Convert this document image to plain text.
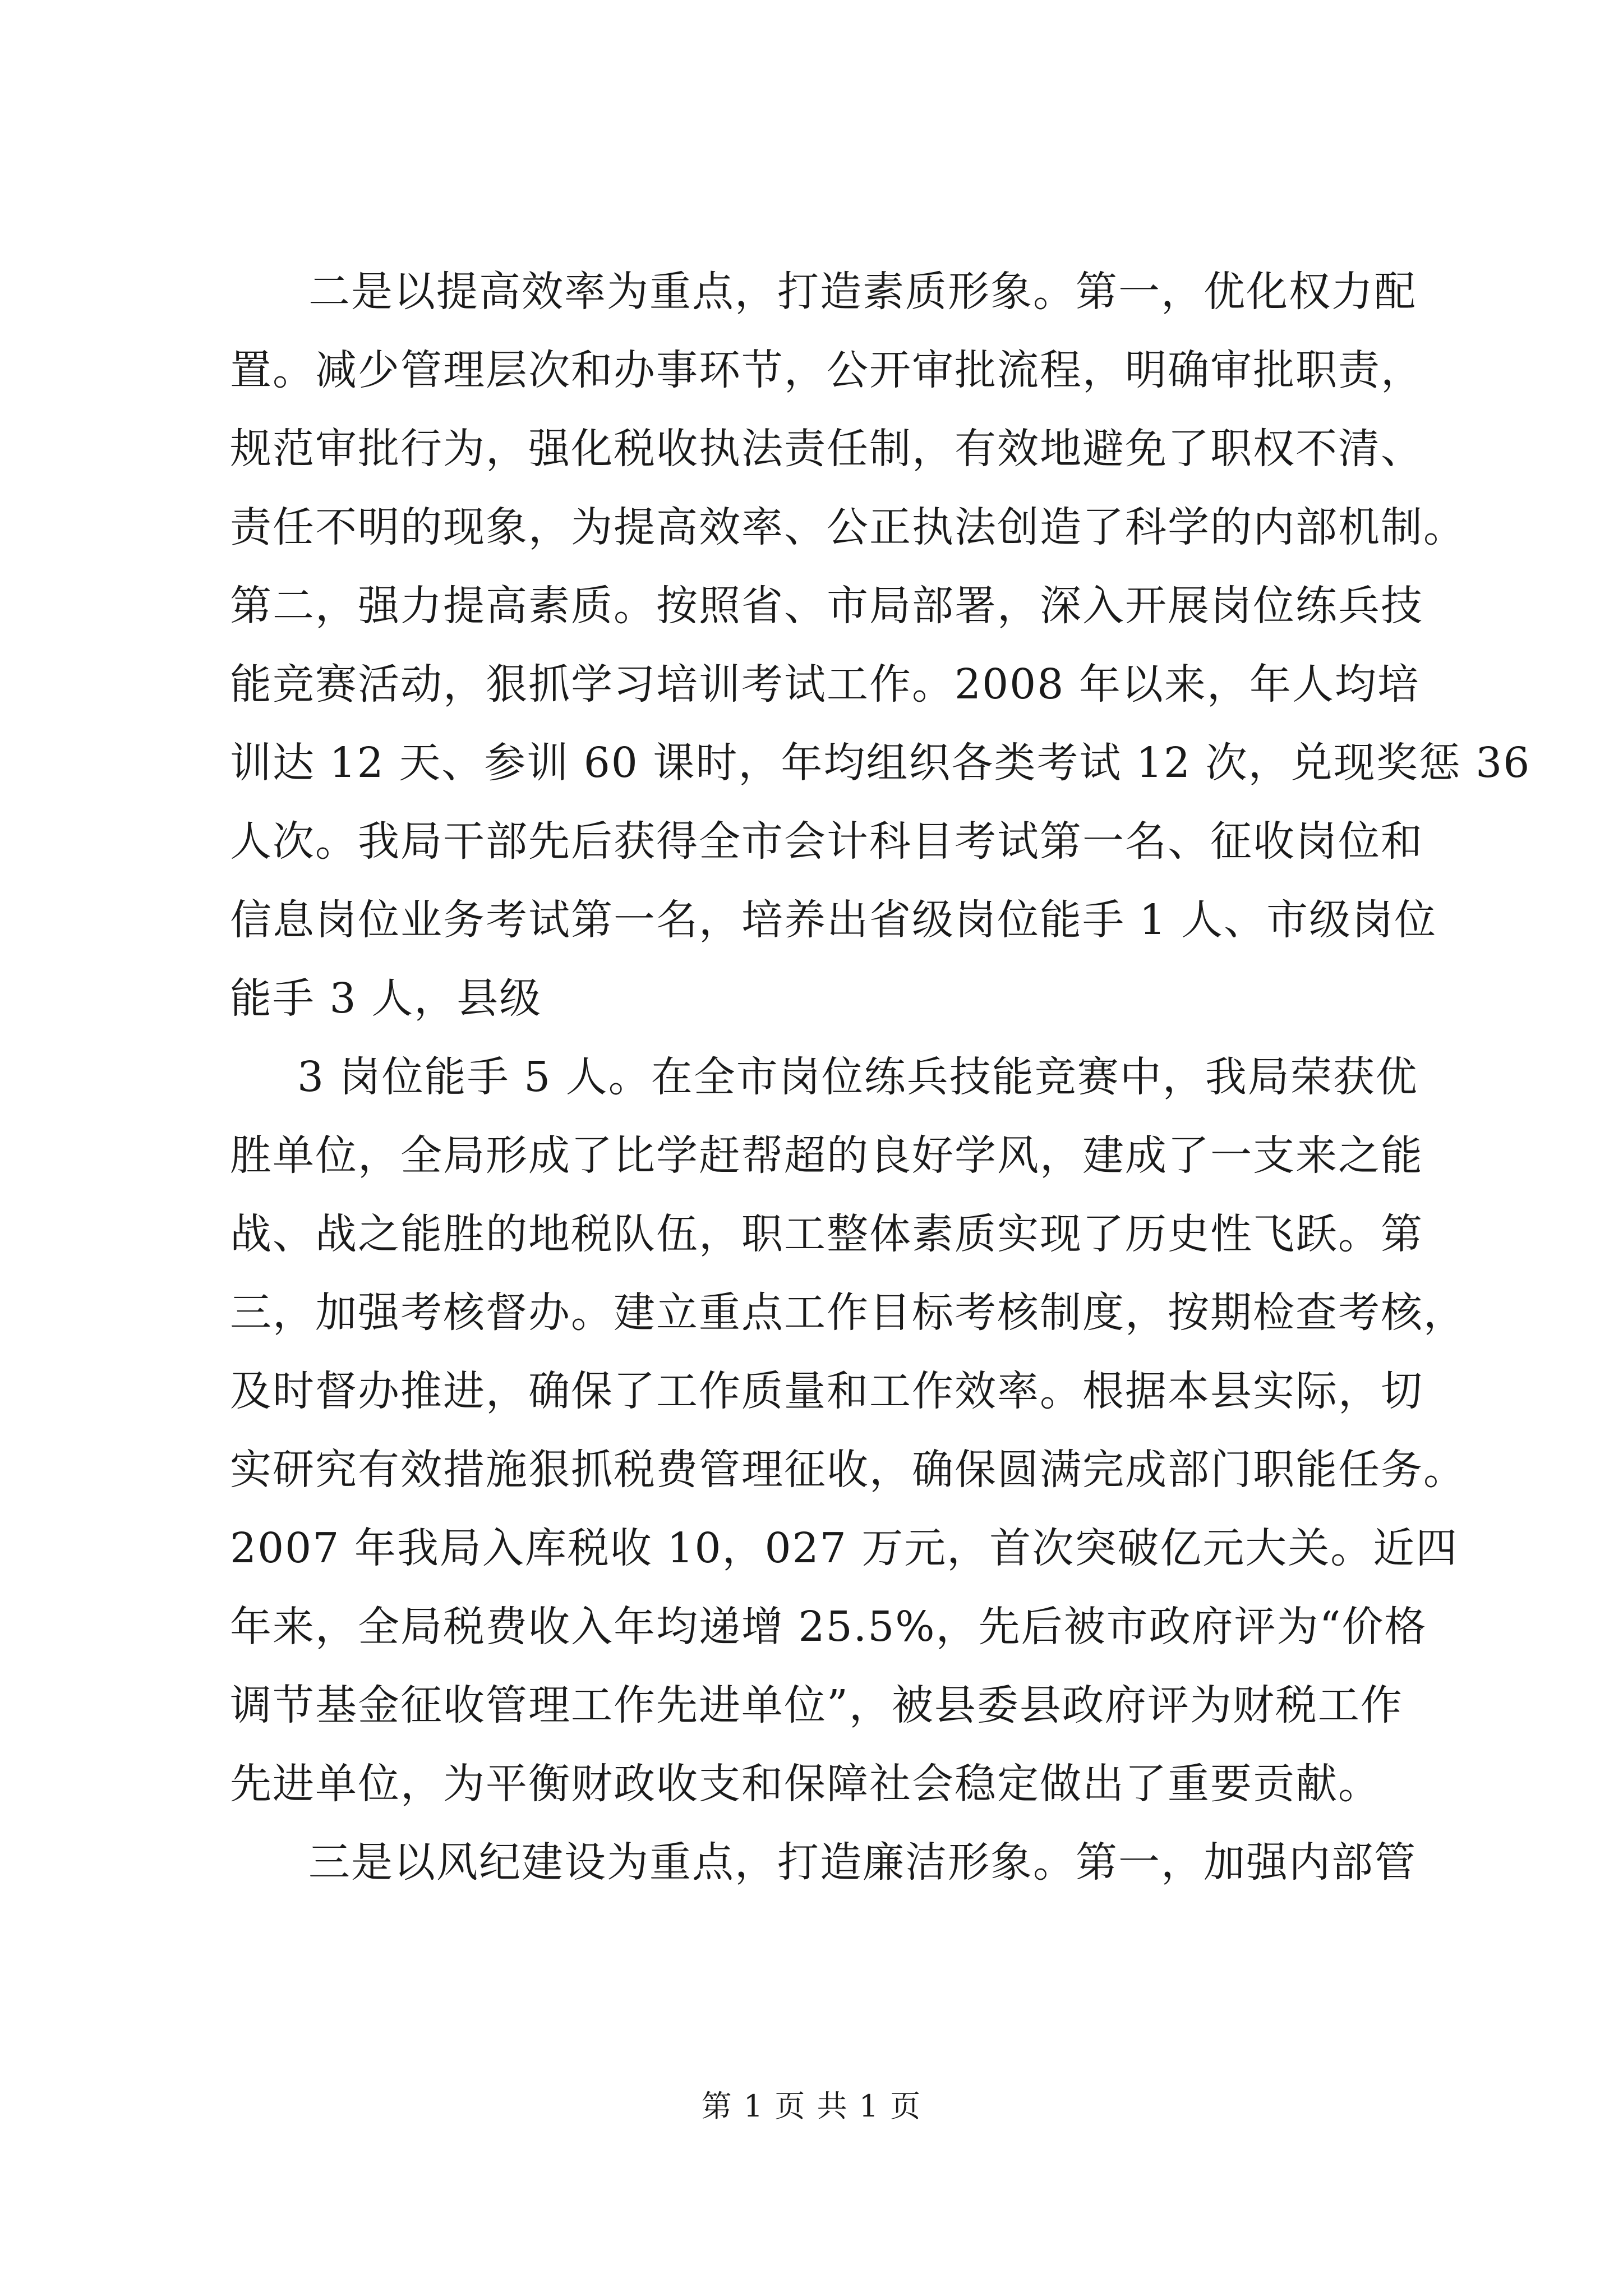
二是以提高效率为重点，打造素质形象。第一，优化权力配

置。减少管理层次和办事环节，公开审批流程，明确审批职责，

规范审批行为，强化税收执法责任制，有效地避免了职权不清、

责任不明的现象，为提高效率、公正执法创造了科学的内部机制。

第二，强力提高素质。按照省、市局部署，深入开展岗位练兵技

能竞赛活动，狠抓学习培训考试工作。2008 年以来，年人均培

训达 12 天、参训 60 课时，年均组织各类考试 12 次，兑现奖惩 36

人次。我局干部先后获得全市会计科目考试第一名、征收岗位和

信息岗位业务考试第一名，培养出省级岗位能手 1 人、市级岗位

能手 3 人，县级

3 岗位能手 5 人。在全市岗位练兵技能竞赛中，我局荣获优

胜单位，全局形成了比学赶帮超的良好学风，建成了一支来之能

战、战之能胜的地税队伍，职工整体素质实现了历史性飞跃。第

三，加强考核督办。建立重点工作目标考核制度，按期检查考核，

及时督办推进，确保了工作质量和工作效率。根据本县实际，切

实研究有效措施狠抓税费管理征收，确保圆满完成部门职能任务。

2007 年我局入库税收 10，027 万元，首次突破亿元大关。近四

年来，全局税费收入年均递增 25.5%，先后被市政府评为“价格

调节基金征收管理工作先进单位”，被县委县政府评为财税工作

先进单位，为平衡财政收支和保障社会稳定做出了重要贡献。

三是以风纪建设为重点，打造廉洁形象。第一，加强内部管

第 1 页 共 1 页
